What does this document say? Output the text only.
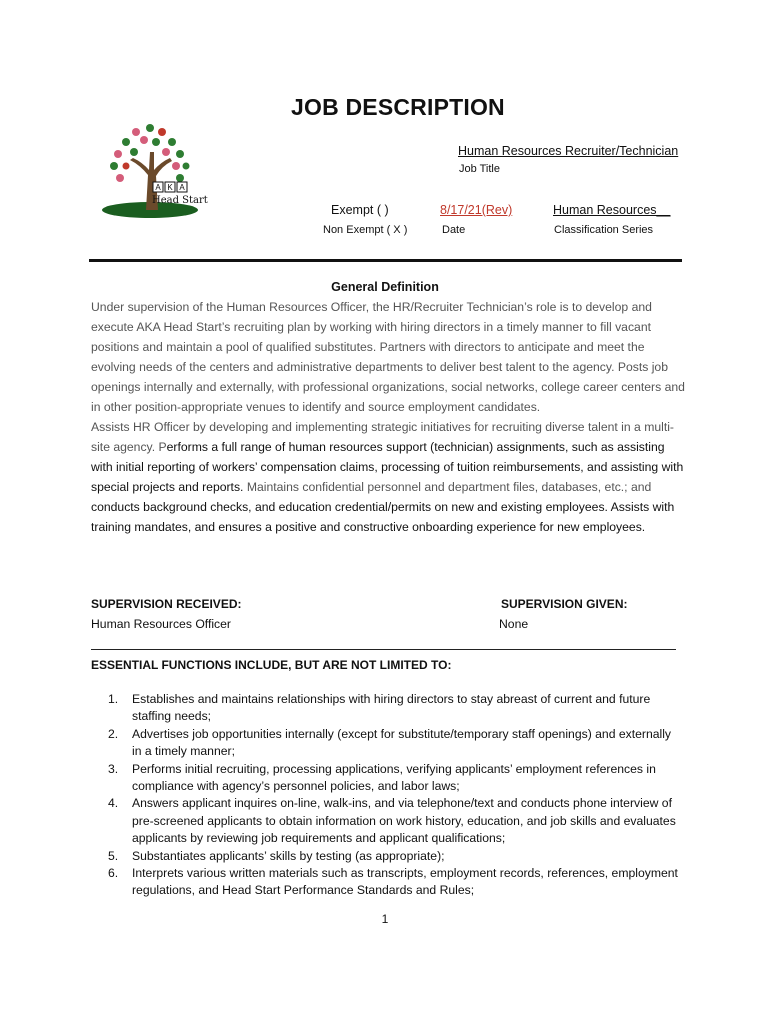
JOB DESCRIPTION
A K A
Head Start
Human Resources Recruiter/Technician
Job Title
Exempt ( )	8/17/21(Rev)	Human Resources__
Non Exempt ( X )	Date	Classification Series
General Definition

Under supervision of the Human Resources Officer, the HR/Recruiter Technician’s role is to develop and execute AKA Head Start’s recruiting plan by working with hiring directors in a timely manner to fill vacant positions and maintain a pool of qualified substitutes. Partners with directors to anticipate and meet the evolving needs of the centers and administrative departments to deliver best talent to the agency. Posts job openings internally and externally, with professional organizations, social networks, college career centers and in other position-appropriate venues to identify and source employment candidates.

Assists HR Officer by developing and implementing strategic initiatives for recruiting diverse talent in a multi-site agency. Performs a full range of human resources support (technician) assignments, such as assisting with initial reporting of workers’ compensation claims, processing of tuition reimbursements, and assisting with special projects and reports. Maintains confidential personnel and department files, databases, etc.; and conducts background checks, and education credential/permits on new and existing employees. Assists with training mandates, and ensures a positive and constructive onboarding experience for new employees.

SUPERVISION RECEIVED:	SUPERVISION GIVEN:
Human Resources Officer	None
ESSENTIAL FUNCTIONS INCLUDE, BUT ARE NOT LIMITED TO:
1. Establishes and maintains relationships with hiring directors to stay abreast of current and future staffing needs;
2. Advertises job opportunities internally (except for substitute/temporary staff openings) and externally in a timely manner;
3. Performs initial recruiting, processing applications, verifying applicants’ employment references in compliance with agency’s personnel policies, and labor laws;
4. Answers applicant inquires on-line, walk-ins, and via telephone/text and conducts phone interview of pre-screened applicants to obtain information on work history, education, and job skills and evaluates applicants by reviewing job requirements and applicant qualifications;
5. Substantiates applicants’ skills by testing (as appropriate);
6. Interprets various written materials such as transcripts, employment records, references, employment regulations, and Head Start Performance Standards and Rules;
1
